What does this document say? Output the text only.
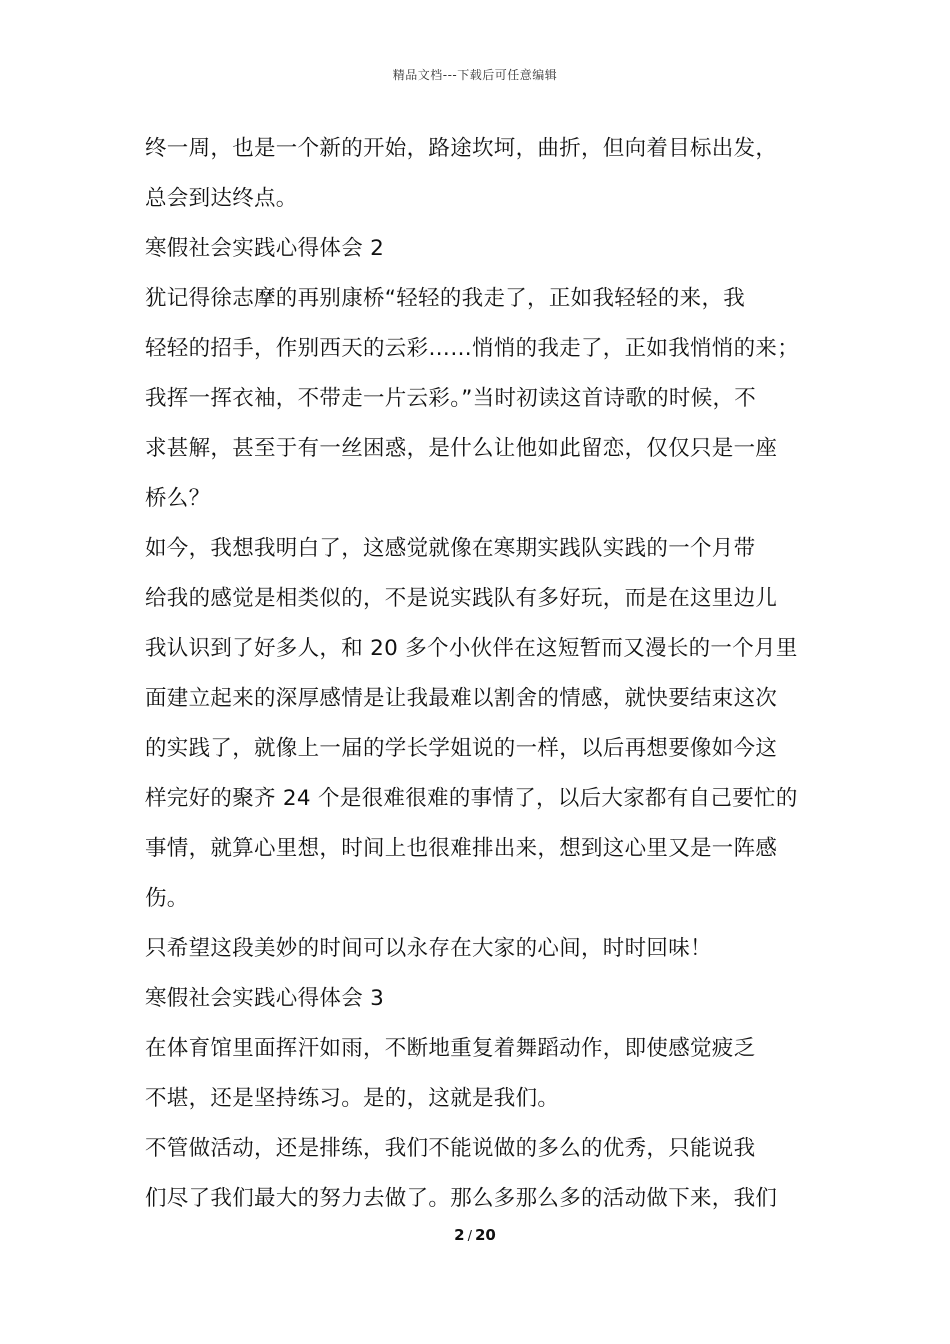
精品文档---下载后可任意编辑
终一周，也是一个新的开始，路途坎坷，曲折，但向着目标出发，
总会到达终点。
寒假社会实践心得体会 2
犹记得徐志摩的再别康桥“轻轻的我走了，正如我轻轻的来，我
轻轻的招手，作别西天的云彩……悄悄的我走了，正如我悄悄的来；
我挥一挥衣袖，不带走一片云彩。”当时初读这首诗歌的时候，不
求甚解，甚至于有一丝困惑，是什么让他如此留恋，仅仅只是一座
桥么？
如今，我想我明白了，这感觉就像在寒期实践队实践的一个月带
给我的感觉是相类似的，不是说实践队有多好玩，而是在这里边儿
我认识到了好多人，和 20 多个小伙伴在这短暂而又漫长的一个月里
面建立起来的深厚感情是让我最难以割舍的情感，就快要结束这次
的实践了，就像上一届的学长学姐说的一样，以后再想要像如今这
样完好的聚齐 24 个是很难很难的事情了，以后大家都有自己要忙的
事情，就算心里想，时间上也很难排出来，想到这心里又是一阵感
伤。
只希望这段美妙的时间可以永存在大家的心间，时时回味！
寒假社会实践心得体会 3
在体育馆里面挥汗如雨，不断地重复着舞蹈动作，即使感觉疲乏
不堪，还是坚持练习。是的，这就是我们。
不管做活动，还是排练，我们不能说做的多么的优秀，只能说我
们尽了我们最大的努力去做了。那么多那么多的活动做下来，我们
2 / 20
